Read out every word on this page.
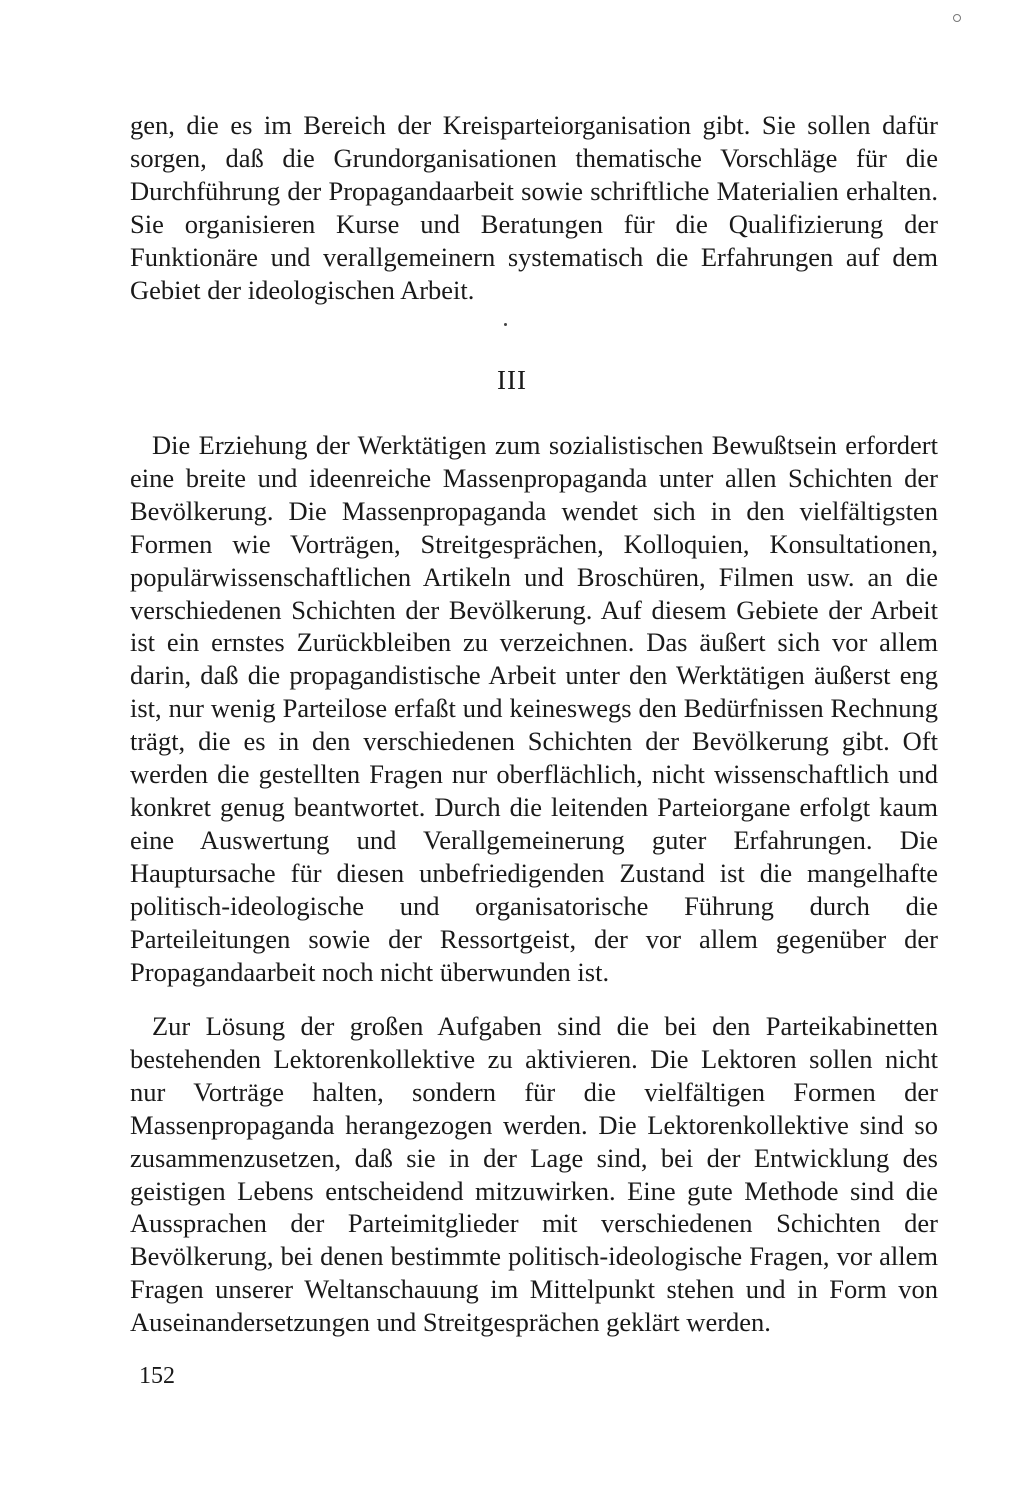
gen, die es im Bereich der Kreisparteiorganisation gibt. Sie sollen dafür sorgen, daß die Grundorganisationen thematische Vorschläge für die Durchführung der Propagandaarbeit sowie schriftliche Materialien erhalten. Sie organisieren Kurse und Beratungen für die Qualifizierung der Funktionäre und verallgemeinern systematisch die Erfahrungen auf dem Gebiet der ideologischen Arbeit.

III

Die Erziehung der Werktätigen zum sozialistischen Bewußtsein erfordert eine breite und ideenreiche Massenpropaganda unter allen Schichten der Bevölkerung. Die Massenpropaganda wendet sich in den vielfältigsten Formen wie Vorträgen, Streitgesprächen, Kolloquien, Konsultationen, populärwissenschaftlichen Artikeln und Broschüren, Filmen usw. an die verschiedenen Schichten der Bevölkerung. Auf diesem Gebiete der Arbeit ist ein ernstes Zurückbleiben zu verzeichnen. Das äußert sich vor allem darin, daß die propagandistische Arbeit unter den Werktätigen äußerst eng ist, nur wenig Parteilose erfaßt und keineswegs den Bedürfnissen Rechnung trägt, die es in den verschiedenen Schichten der Bevölkerung gibt. Oft werden die gestellten Fragen nur oberflächlich, nicht wissenschaftlich und konkret genug beantwortet. Durch die leitenden Parteiorgane erfolgt kaum eine Auswertung und Verallgemeinerung guter Erfahrungen. Die Hauptursache für diesen unbefriedigenden Zustand ist die mangelhafte politisch-ideologische und organisatorische Führung durch die Parteileitungen sowie der Ressortgeist, der vor allem gegenüber der Propagandaarbeit noch nicht überwunden ist.

Zur Lösung der großen Aufgaben sind die bei den Parteikabinetten bestehenden Lektorenkollektive zu aktivieren. Die Lektoren sollen nicht nur Vorträge halten, sondern für die vielfältigen Formen der Massenpropaganda herangezogen werden. Die Lektorenkollektive sind so zusammenzusetzen, daß sie in der Lage sind, bei der Entwicklung des geistigen Lebens entscheidend mitzuwirken. Eine gute Methode sind die Aussprachen der Parteimitglieder mit verschiedenen Schichten der Bevölkerung, bei denen bestimmte politisch-ideologische Fragen, vor allem Fragen unserer Weltanschauung im Mittelpunkt stehen und in Form von Auseinandersetzungen und Streitgesprächen geklärt werden.

152
